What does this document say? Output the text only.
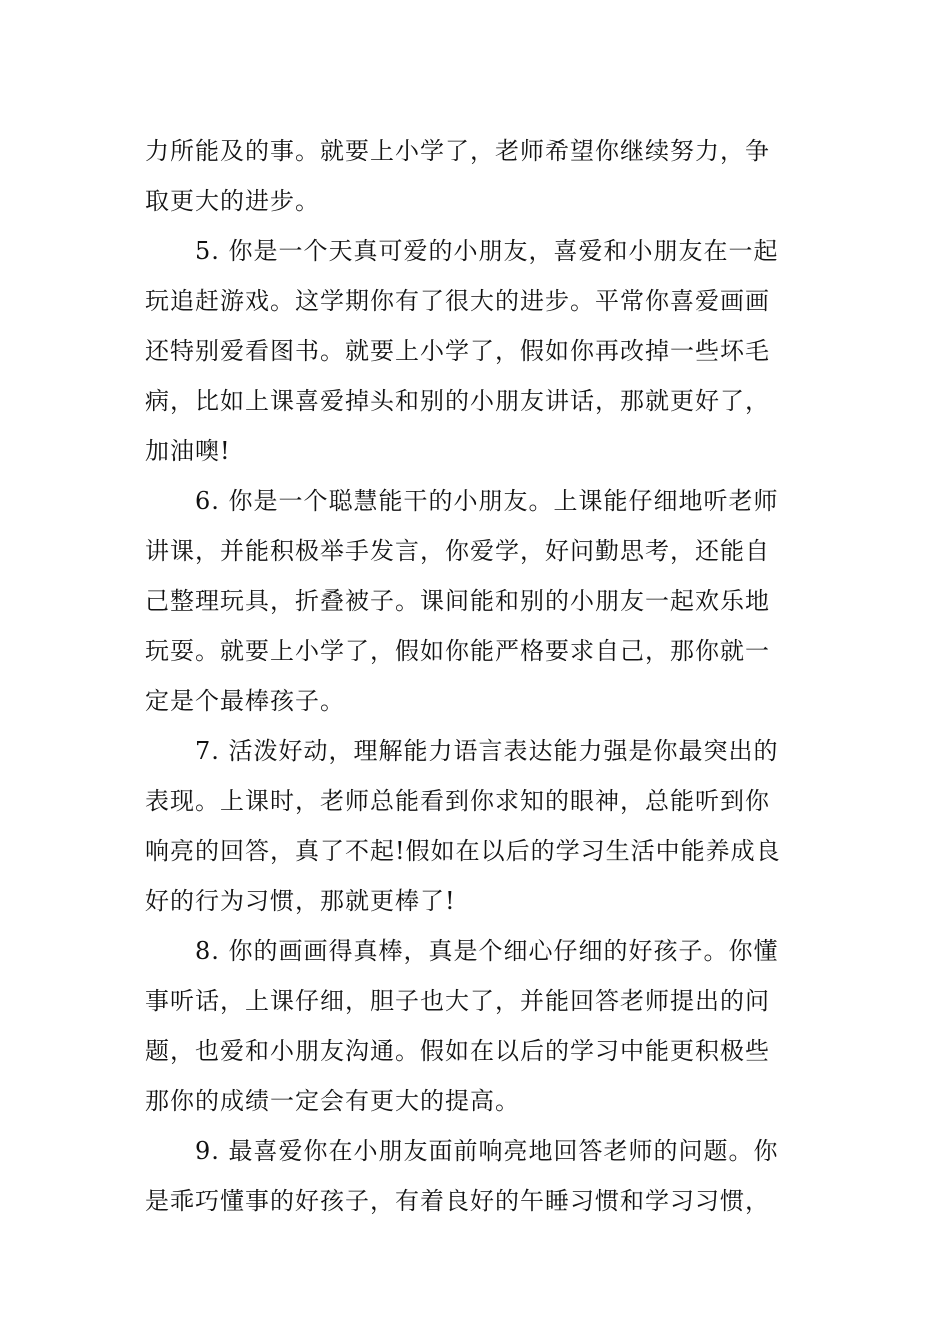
力所能及的事。就要上小学了，老师希望你继续努力，争
取更大的进步。
5. 你是一个天真可爱的小朋友，喜爱和小朋友在一起
玩追赶游戏。这学期你有了很大的进步。平常你喜爱画画
还特别爱看图书。就要上小学了，假如你再改掉一些坏毛
病，比如上课喜爱掉头和别的小朋友讲话，那就更好了，
加油噢!
6. 你是一个聪慧能干的小朋友。上课能仔细地听老师
讲课，并能积极举手发言，你爱学，好问勤思考，还能自
己整理玩具，折叠被子。课间能和别的小朋友一起欢乐地
玩耍。就要上小学了，假如你能严格要求自己，那你就一
定是个最棒孩子。
7. 活泼好动，理解能力语言表达能力强是你最突出的
表现。上课时，老师总能看到你求知的眼神，总能听到你
响亮的回答，真了不起!假如在以后的学习生活中能养成良
好的行为习惯，那就更棒了!
8. 你的画画得真棒，真是个细心仔细的好孩子。你懂
事听话，上课仔细，胆子也大了，并能回答老师提出的问
题，也爱和小朋友沟通。假如在以后的学习中能更积极些
那你的成绩一定会有更大的提高。
9. 最喜爱你在小朋友面前响亮地回答老师的问题。你
是乖巧懂事的好孩子，有着良好的午睡习惯和学习习惯，
